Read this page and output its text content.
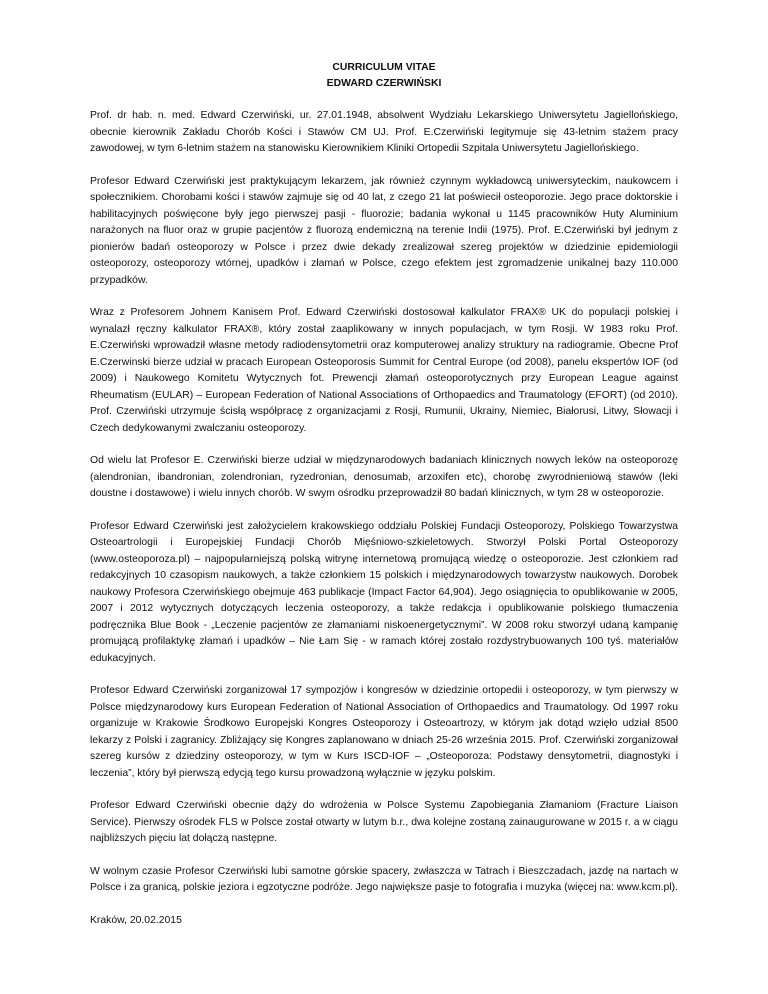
CURRICULUM VITAE

EDWARD CZERWIŃSKI

Prof. dr hab. n. med. Edward Czerwiński, ur. 27.01.1948, absolwent Wydziału Lekarskiego Uniwersytetu Jagiellońskiego, obecnie kierownik Zakładu Chorób Kości i Stawów CM UJ. Prof. E.Czerwiński legitymuje się 43-letnim stażem pracy zawodowej, w tym 6-letnim stażem na stanowisku Kierownikiem Kliniki Ortopedii Szpitala Uniwersytetu Jagiellońskiego.

Profesor Edward Czerwiński jest praktykującym lekarzem, jak również czynnym wykładowcą uniwersyteckim, naukowcem i społecznikiem. Chorobami kości i stawów zajmuje się od 40 lat, z czego 21 lat poświecił osteoporozie. Jego prace doktorskie i habilitacyjnych poświęcone były jego pierwszej pasji - fluorozie; badania wykonał u 1145 pracowników Huty Aluminium narażonych na fluor oraz w grupie pacjentów z fluorozą endemiczną na terenie Indii (1975). Prof. E.Czerwiński był jednym z pionierów badań osteoporozy w Polsce i przez dwie dekady zrealizował szereg projektów w dziedzinie epidemiologii osteoporozy, osteoporozy wtórnej, upadków i złamań w Polsce, czego efektem jest zgromadzenie unikalnej bazy 110.000 przypadków.

Wraz z Profesorem Johnem Kanisem Prof. Edward Czerwiński dostosował kalkulator FRAX® UK do populacji polskiej i wynalazł ręczny kalkulator FRAX®, który został zaaplikowany w innych populacjach, w tym Rosji. W 1983 roku Prof. E.Czerwiński wprowadził własne metody radiodensytometrii oraz komputerowej analizy struktury na radiogramie. Obecne Prof E.Czerwinski bierze udział w pracach European Osteoporosis Summit for Central Europe (od 2008), panelu ekspertów IOF (od 2009) i Naukowego Komitetu Wytycznych fot. Prewencji złamań osteoporotycznych przy European League against Rheumatism (EULAR) – European Federation of National Associations of Orthopaedics and Traumatology (EFORT) (od 2010). Prof. Czerwiński utrzymuje ścisłą współpracę z organizacjami z Rosji, Rumunii, Ukrainy, Niemiec, Białorusi, Litwy, Słowacji i Czech dedykowanymi zwalczaniu osteoporozy.

Od wielu lat Profesor E. Czerwiński bierze udział w międzynarodowych badaniach klinicznych nowych leków na osteoporozę (alendronian, ibandronian, zolendronian, ryzedronian, denosumab, arzoxifen etc), chorobę zwyrodnieniową stawów (leki doustne i dostawowe) i wielu innych chorób. W swym ośrodku przeprowadził 80 badań klinicznych, w tym 28 w osteoporozie.

Profesor Edward Czerwiński jest założycielem krakowskiego oddziału Polskiej Fundacji Osteoporozy, Polskiego Towarzystwa Osteoartrologii i Europejskiej Fundacji Chorób Mięśniowo-szkieletowych. Stworzył Polski Portal Osteoporozy (www.osteoporoza.pl) – najpopularniejszą polską witrynę internetową promującą wiedzę o osteoporozie. Jest członkiem rad redakcyjnych 10 czasopism naukowych, a także członkiem 15 polskich i międzynarodowych towarzystw naukowych. Dorobek naukowy Profesora Czerwińskiego obejmuje 463 publikacje (Impact Factor 64,904). Jego osiągnięcia to opublikowanie w 2005, 2007 i 2012 wytycznych dotyczących leczenia osteoporozy, a także redakcja i opublikowanie polskiego tłumaczenia podręcznika Blue Book - „Leczenie pacjentów ze złamaniami niskoenergetycznymi”. W 2008 roku stworzył udaną kampanię promującą profilaktykę złamań i upadków – Nie Łam Się - w ramach której zostało rozdystrybuowanych 100 tyś. materiałów edukacyjnych.

Profesor Edward Czerwiński zorganizował 17 sympozjów i kongresów w dziedzinie ortopedii i osteoporozy, w tym pierwszy w Polsce międzynarodowy kurs European Federation of National Association of Orthopaedics and Traumatology. Od 1997 roku organizuje w Krakowie Środkowo Europejski Kongres Osteoporozy i Osteoartrozy, w którym jak dotąd wzięło udział 8500 lekarzy z Polski i zagranicy. Zbliżający się Kongres zaplanowano w dniach 25-26 września 2015. Prof. Czerwiński zorganizował szereg kursów z dziedziny osteoporozy, w tym w Kurs ISCD-IOF – „Osteoporoza: Podstawy densytometrii, diagnostyki i leczenia”, który był pierwszą edycją tego kursu prowadzoną wyłącznie w języku polskim.

Profesor Edward Czerwiński obecnie dąży do wdrożenia w Polsce Systemu Zapobiegania Złamaniom (Fracture Liaison Service). Pierwszy ośrodek FLS w Polsce został otwarty w lutym b.r., dwa kolejne zostaną zainaugurowane w 2015 r. a w ciągu najbliższych pięciu lat dołączą następne.

W wolnym czasie Profesor Czerwiński lubi samotne górskie spacery, zwłaszcza w Tatrach i Bieszczadach, jazdę na nartach w Polsce i za granicą, polskie jeziora i egzotyczne podróże. Jego największe pasje to fotografia i muzyka (więcej na: www.kcm.pl).

Kraków, 20.02.2015
